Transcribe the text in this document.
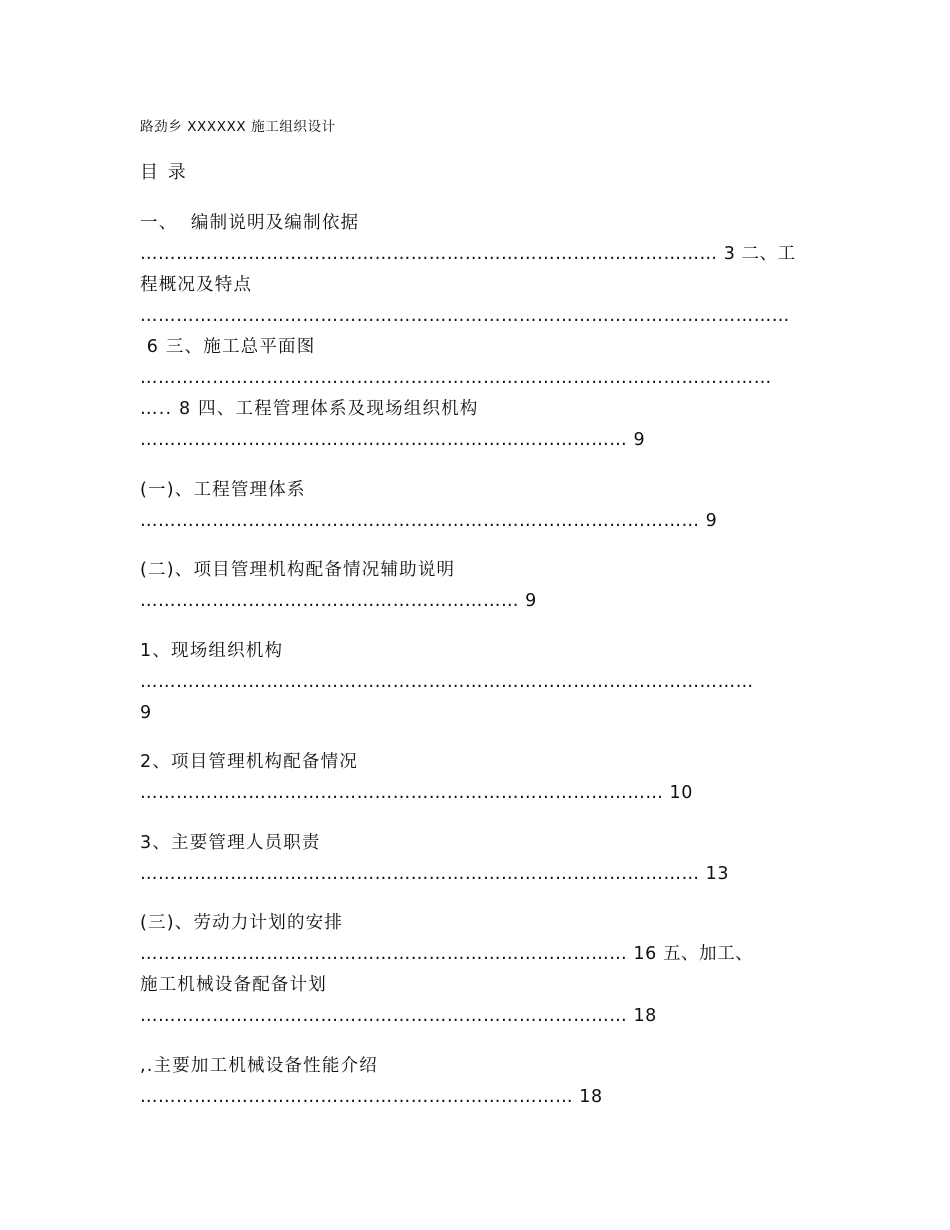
路劲乡 XXXXXX 施工组织设计
目 录
一、  编制说明及编制依据
…………………………………………………………………………………… 3 二、工
程概况及特点
………………………………………………………………………………………………
6 三、施工总平面图
……………………………………………………………………………………………
….. 8 四、工程管理体系及现场组织机构
……………………………………………………………………… 9
(一)、工程管理体系
………………………………………………………………………………… 9
(二)、项目管理机构配备情况辅助说明
……………………………………………………… 9
1、现场组织机构
…………………………………………………………………………………………
9
2、项目管理机构配备情况
…………………………………………………………………………… 10
3、主要管理人员职责
………………………………………………………………………………… 13
(三)、劳动力计划的安排
……………………………………………………………………… 16 五、加工、
施工机械设备配备计划
……………………………………………………………………… 18
,.主要加工机械设备性能介绍
……………………………………………………………… 18
